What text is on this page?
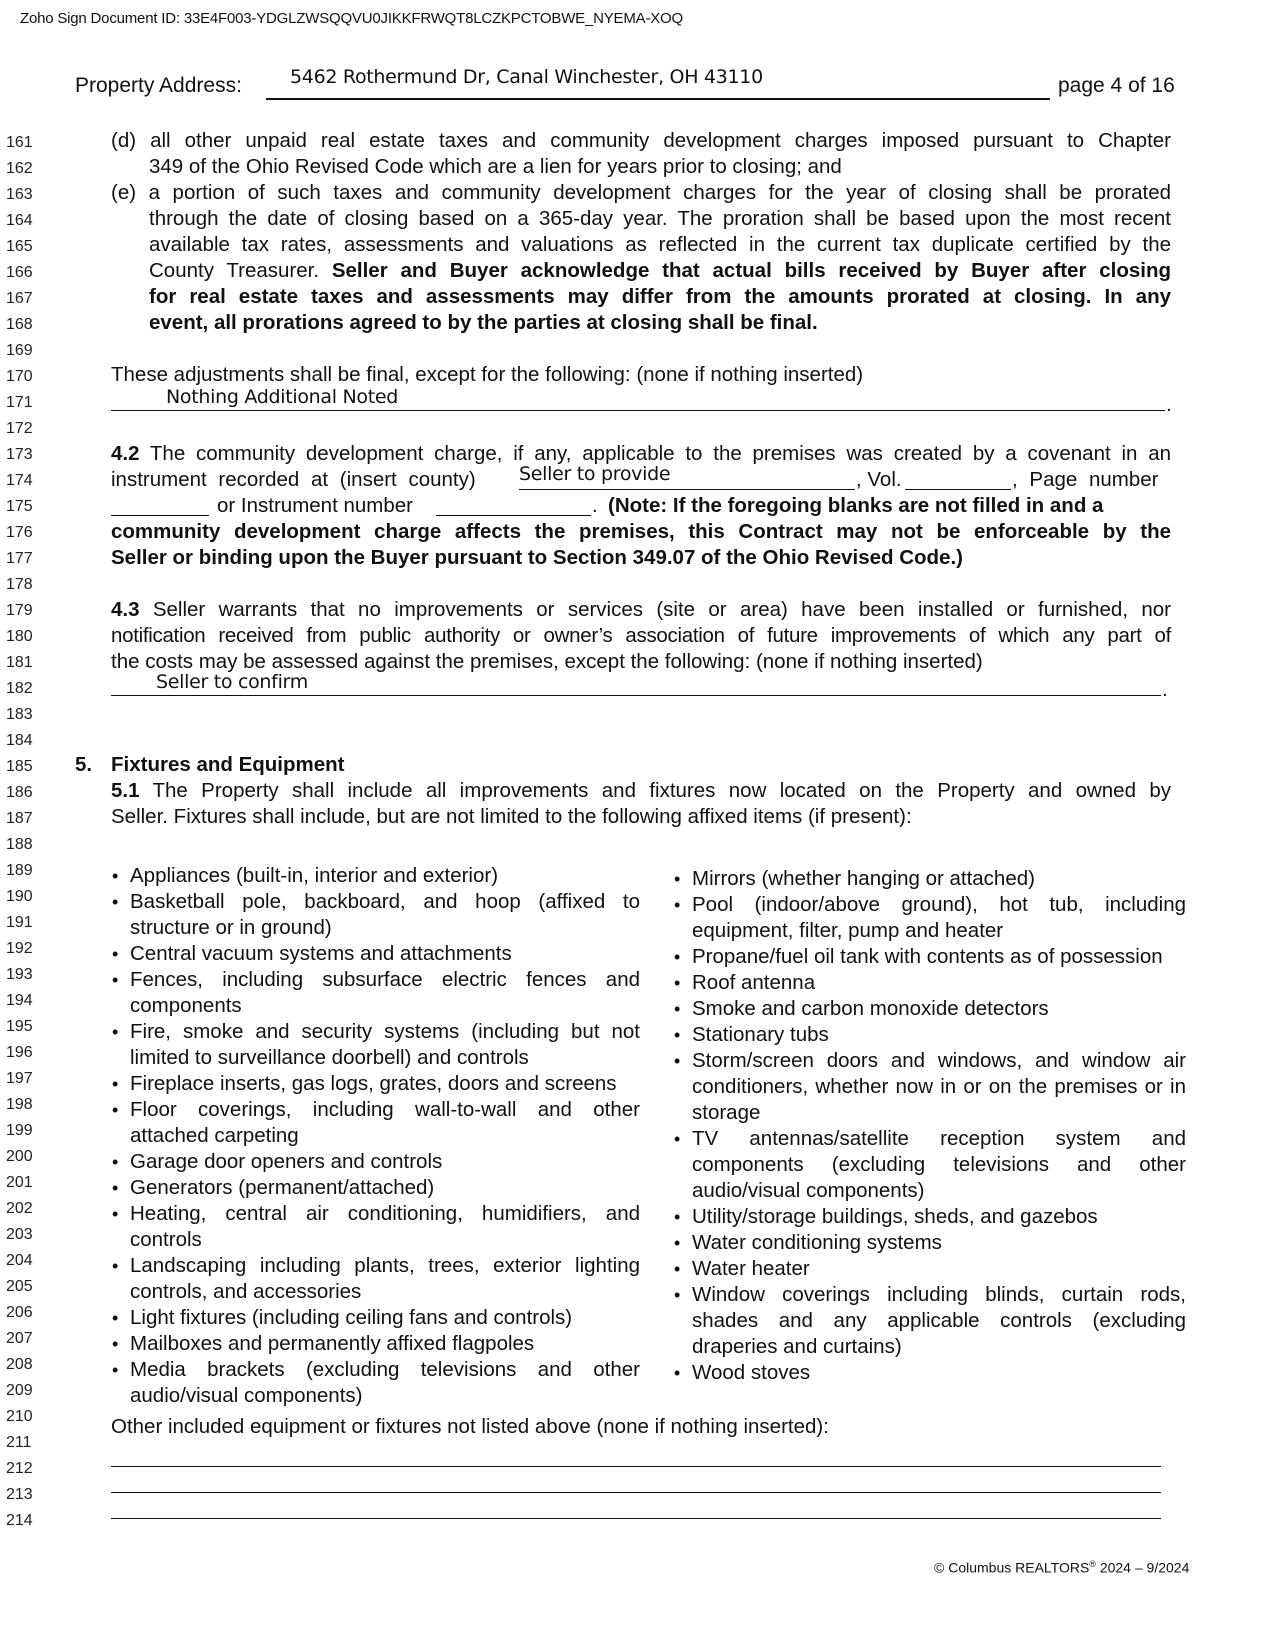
Zoho Sign Document ID: 33E4F003-YDGLZWSQQVU0JIKKFRWQT8LCZKPCTOBWE_NYEMA-XOQ
Property Address:	5462 Rothermund Dr, Canal Winchester, OH 43110	page 4 of 16
161
162
163
164
165
166
167
168
169
170
171
172
173
174
175
176
177
178
179
180
181
182
183
184
185
186
187
188
189
190
191
192
193
194
195
196
197
198
199
200
201
202
203
204
205
206
207
208
209
210
211
212
213
214
(d) all other unpaid real estate taxes and community development charges imposed pursuant to Chapter
349 of the Ohio Revised Code which are a lien for years prior to closing; and
(e) a portion of such taxes and community development charges for the year of closing shall be prorated
through the date of closing based on a 365-day year. The proration shall be based upon the most recent
available tax rates, assessments and valuations as reflected in the current tax duplicate certified by the
County Treasurer. Seller and Buyer acknowledge that actual bills received by Buyer after closing
for real estate taxes and assessments may differ from the amounts prorated at closing. In any
event, all prorations agreed to by the parties at closing shall be final.
These adjustments shall be final, except for the following: (none if nothing inserted)
Nothing Additional Noted	.
4.2 The community development charge, if any, applicable to the premises was created by a covenant in an
instrument recorded at (insert county) Seller to provide	, Vol.	, Page number
or Instrument number	. (Note: If the foregoing blanks are not filled in and a
community development charge affects the premises, this Contract may not be enforceable by the
Seller or binding upon the Buyer pursuant to Section 349.07 of the Ohio Revised Code.)
4.3 Seller warrants that no improvements or services (site or area) have been installed or furnished, nor
notification received from public authority or owner’s association of future improvements of which any part of
the costs may be assessed against the premises, except the following: (none if nothing inserted)
Seller to confirm	.
5. Fixtures and Equipment
5.1 The Property shall include all improvements and fixtures now located on the Property and owned by
Seller. Fixtures shall include, but are not limited to the following affixed items (if present):
• Appliances (built-in, interior and exterior)
• Basketball pole, backboard, and hoop (affixed to structure or in ground)
• Central vacuum systems and attachments
• Fences, including subsurface electric fences and components
• Fire, smoke and security systems (including but not limited to surveillance doorbell) and controls
• Fireplace inserts, gas logs, grates, doors and screens
• Floor coverings, including wall-to-wall and other attached carpeting
• Garage door openers and controls
• Generators (permanent/attached)
• Heating, central air conditioning, humidifiers, and controls
• Landscaping including plants, trees, exterior lighting controls, and accessories
• Light fixtures (including ceiling fans and controls)
• Mailboxes and permanently affixed flagpoles
• Media brackets (excluding televisions and other audio/visual components)
• Mirrors (whether hanging or attached)
• Pool (indoor/above ground), hot tub, including equipment, filter, pump and heater
• Propane/fuel oil tank with contents as of possession
• Roof antenna
• Smoke and carbon monoxide detectors
• Stationary tubs
• Storm/screen doors and windows, and window air conditioners, whether now in or on the premises or in storage
• TV antennas/satellite reception system and components (excluding televisions and other audio/visual components)
• Utility/storage buildings, sheds, and gazebos
• Water conditioning systems
• Water heater
• Window coverings including blinds, curtain rods, shades and any applicable controls (excluding draperies and curtains)
• Wood stoves
Other included equipment or fixtures not listed above (none if nothing inserted):
© Columbus REALTORS® 2024 – 9/2024
